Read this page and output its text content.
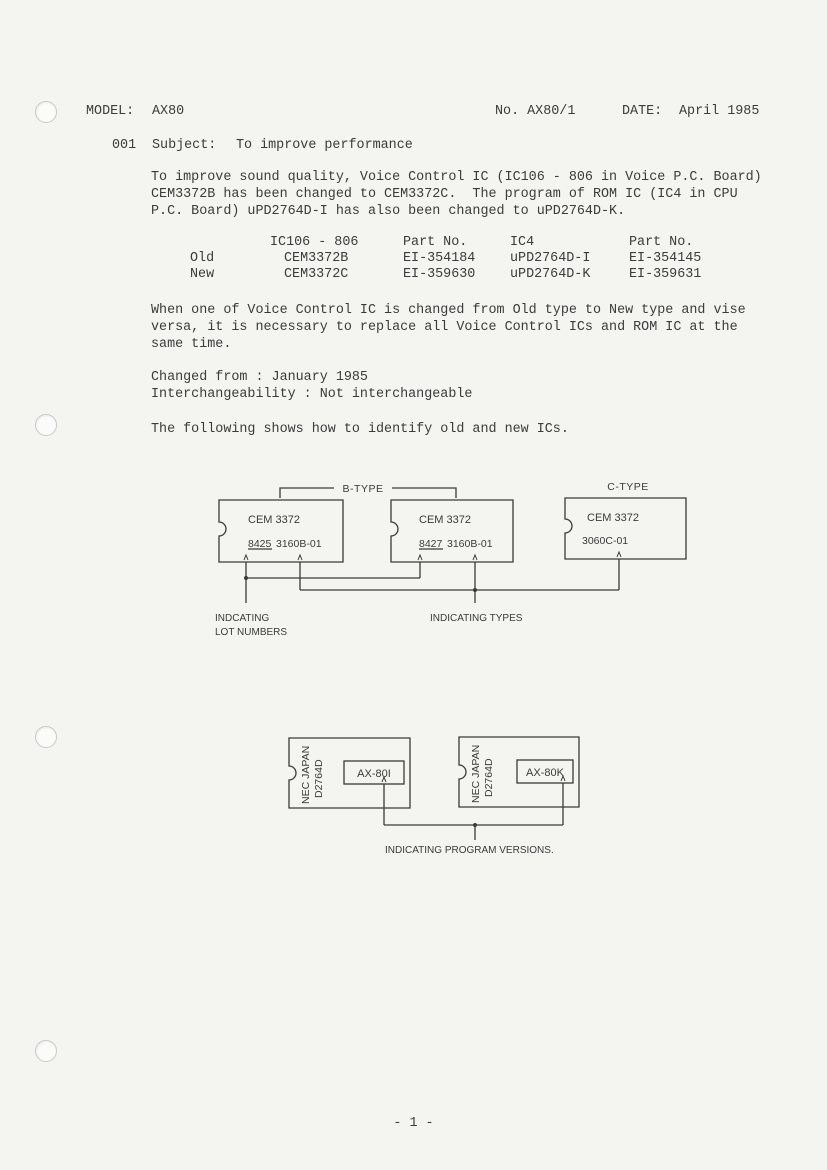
MODEL: AX80	No. AX80/1	DATE: April 1985
001 Subject: To improve performance
To improve sound quality, Voice Control IC (IC106 - 806 in Voice P.C. Board)
CEM3372B has been changed to CEM3372C.  The program of ROM IC (IC4 in CPU
P.C. Board) uPD2764D-I has also been changed to uPD2764D-K.
	IC106 - 806	Part No.	IC4	Part No.
Old	CEM3372B	EI-354184	uPD2764D-I	EI-354145
New	CEM3372C	EI-359630	uPD2764D-K	EI-359631
When one of Voice Control IC is changed from Old type to New type and vise
versa, it is necessary to replace all Voice Control ICs and ROM IC at the
same time.
Changed from : January 1985
Interchangeability : Not interchangeable
The following shows how to identify old and new ICs.
B-TYPE	C-TYPE
CEM 3372
8425 3160B-01
CEM 3372
8427 3160B-01
CEM 3372
3060C-01
INDCATING
LOT NUMBERS
INDICATING TYPES
NEC JAPAN D2764D	AX-80I	NEC JAPAN D2764D	AX-80K
INDICATING PROGRAM VERSIONS.
- 1 -
